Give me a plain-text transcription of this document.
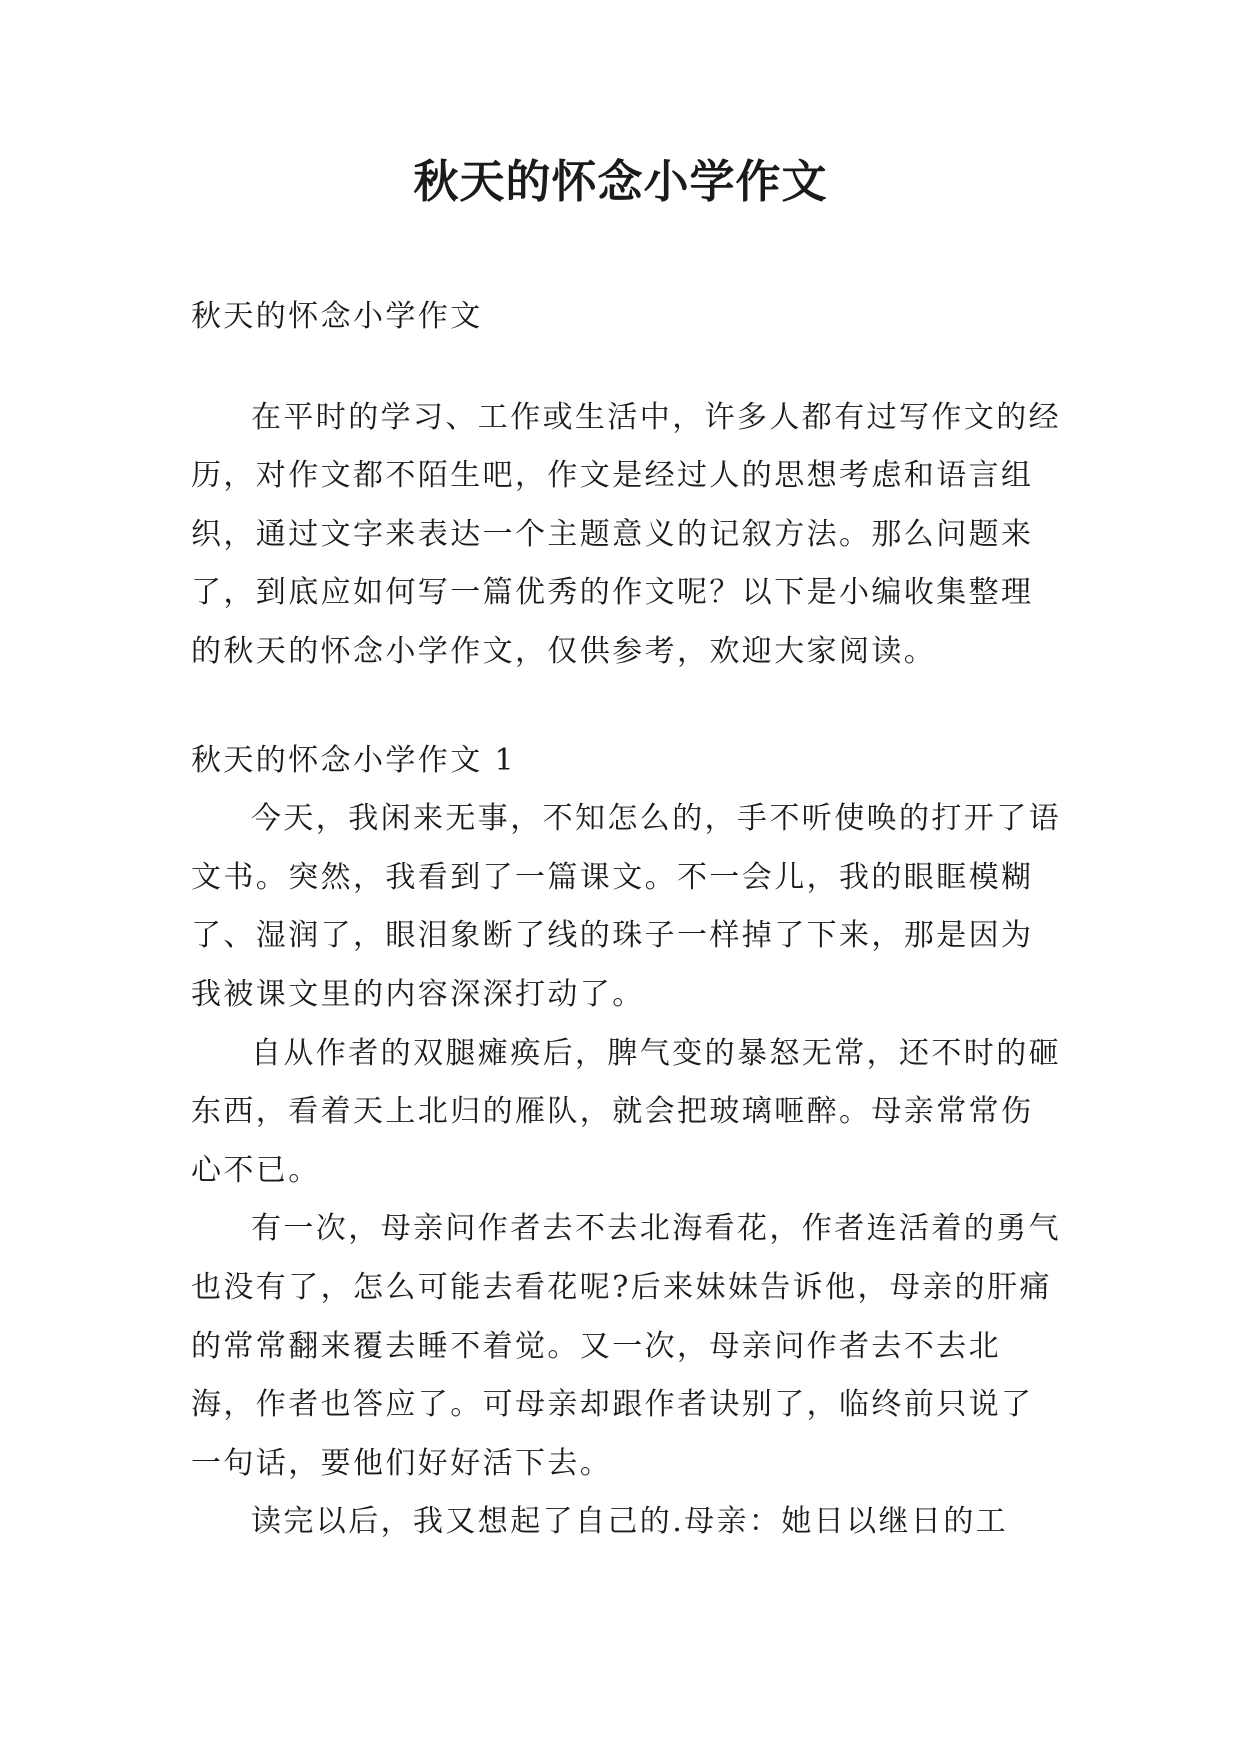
秋天的怀念小学作文

秋天的怀念小学作文

在平时的学习、工作或生活中，许多人都有过写作文的经历，对作文都不陌生吧，作文是经过人的思想考虑和语言组织，通过文字来表达一个主题意义的记叙方法。那么问题来了，到底应如何写一篇优秀的作文呢？以下是小编收集整理的秋天的怀念小学作文，仅供参考，欢迎大家阅读。

秋天的怀念小学作文 1

今天，我闲来无事，不知怎么的，手不听使唤的打开了语文书。突然，我看到了一篇课文。不一会儿，我的眼眶模糊了、湿润了，眼泪象断了线的珠子一样掉了下来，那是因为我被课文里的内容深深打动了。

自从作者的双腿瘫痪后，脾气变的暴怒无常，还不时的砸东西，看着天上北归的雁队，就会把玻璃咂醉。母亲常常伤心不已。

有一次，母亲问作者去不去北海看花，作者连活着的勇气也没有了，怎么可能去看花呢?后来妹妹告诉他，母亲的肝痛的常常翻来覆去睡不着觉。又一次，母亲问作者去不去北海，作者也答应了。可母亲却跟作者诀别了，临终前只说了一句话，要他们好好活下去。

读完以后，我又想起了自己的.母亲：她日以继日的工
